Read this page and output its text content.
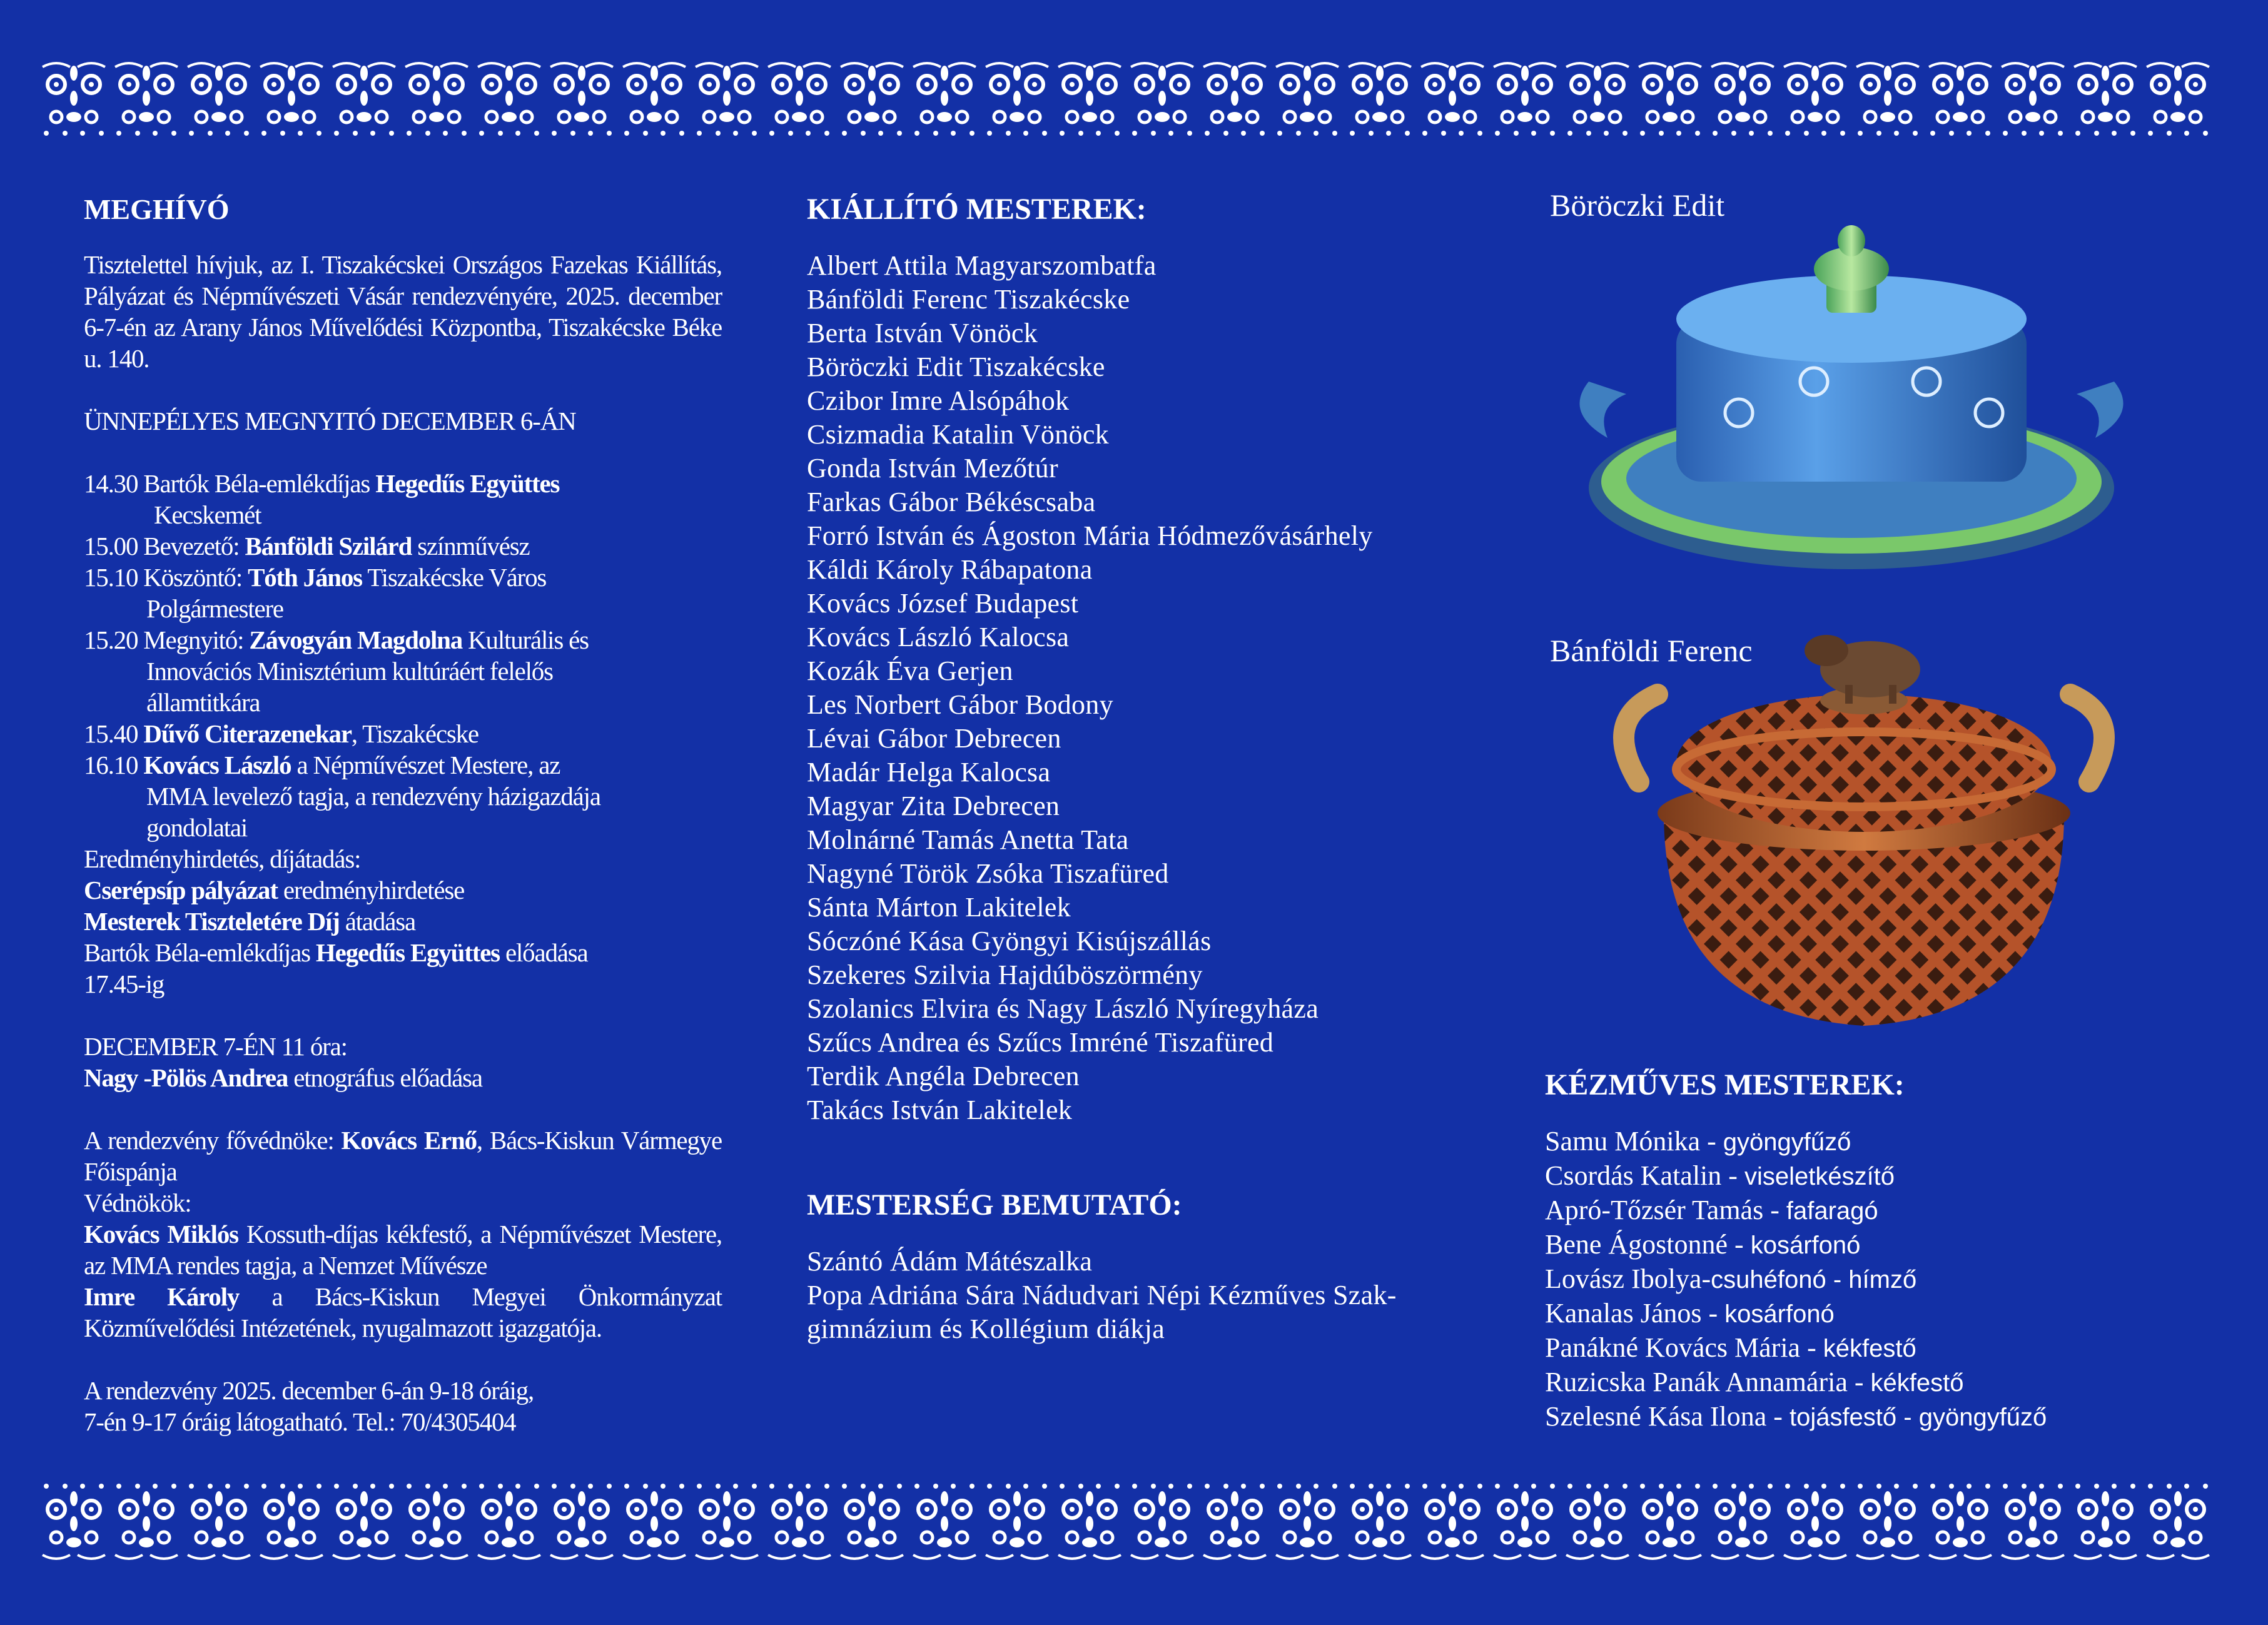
MEGHÍVÓ

Tisztelettel hívjuk, az I. Tiszakécskei Országos Fazekas Kiállítás, Pályázat és Népművészeti Vásár rendezvényére, 2025. december 6-7-én az Arany János Művelődési Központba, Tiszakécske Béke u. 140.

ÜNNEPÉLYES MEGNYITÓ DECEMBER 6-ÁN

14.30 Bartók Béla-emlékdíjas Hegedűs Együttes

Kecskemét

15.00 Bevezető: Bánföldi Szilárd színművész

15.10 Köszöntő: Tóth János Tiszakécske Város

Polgármestere

15.20 Megnyitó: Závogyán Magdolna Kulturális és

Innovációs Minisztérium kultúráért felelős

államtitkára

15.40 Dűvő Citerazenekar, Tiszakécske

16.10 Kovács László a Népművészet Mestere, az

MMA levelező tagja, a rendezvény házigazdája

gondolatai

Eredményhirdetés, díjátadás:

Cserépsíp pályázat eredményhirdetése

Mesterek Tiszteletére Díj átadása

Bartók Béla-emlékdíjas Hegedűs Együttes előadása

17.45-ig

DECEMBER 7-ÉN 11 óra:

Nagy -Pölös Andrea etnográfus előadása

A rendezvény fővédnöke: Kovács Ernő, Bács-Kiskun Vármegye Főispánja

Védnökök:

Kovács Miklós Kossuth-díjas kékfestő, a Népművészet Mestere, az MMA rendes tagja, a Nemzet Művésze

Imre Károly a Bács-Kiskun Megyei Önkormányzat Közművelődési Intézetének, nyugalmazott igazgatója.

A rendezvény 2025. december 6-án 9-18 óráig,

7-én 9-17 óráig látogatható. Tel.: 70/4305404

KIÁLLÍTÓ MESTEREK:
Albert Attila Magyarszombatfa
Bánföldi Ferenc Tiszakécske
Berta István Vönöck
Böröczki Edit Tiszakécske
Czibor Imre Alsópáhok
Csizmadia Katalin Vönöck
Gonda István Mezőtúr
Farkas Gábor Békéscsaba
Forró István és Ágoston Mária Hódmezővásárhely
Káldi Károly Rábapatona
Kovács József Budapest
Kovács László Kalocsa
Kozák Éva Gerjen
Les Norbert Gábor Bodony
Lévai Gábor Debrecen
Madár Helga Kalocsa
Magyar Zita Debrecen
Molnárné Tamás Anetta Tata
Nagyné Török Zsóka Tiszafüred
Sánta Márton Lakitelek
Sóczóné Kása Gyöngyi Kisújszállás
Szekeres Szilvia Hajdúböszörmény
Szolanics Elvira és Nagy László Nyíregyháza
Szűcs Andrea és Szűcs Imréné Tiszafüred
Terdik Angéla Debrecen
Takács István Lakitelek
MESTERSÉG BEMUTATÓ:

Szántó Ádám Mátészalka

Popa Adriána Sára Nádudvari Népi Kézműves Szak-

gimnázium és Kollégium diákja

Böröczki Edit
Bánföldi Ferenc
KÉZMŰVES MESTEREK:
Samu Mónika - gyöngyfűző
Csordás Katalin - viseletkészítő
Apró-Tőzsér Tamás - fafaragó
Bene Ágostonné - kosárfonó
Lovász Ibolya-csuhéfonó - hímző
Kanalas János - kosárfonó
Panákné Kovács Mária - kékfestő
Ruzicska Panák Annamária - kékfestő
Szelesné Kása Ilona - tojásfestő - gyöngyfűző
